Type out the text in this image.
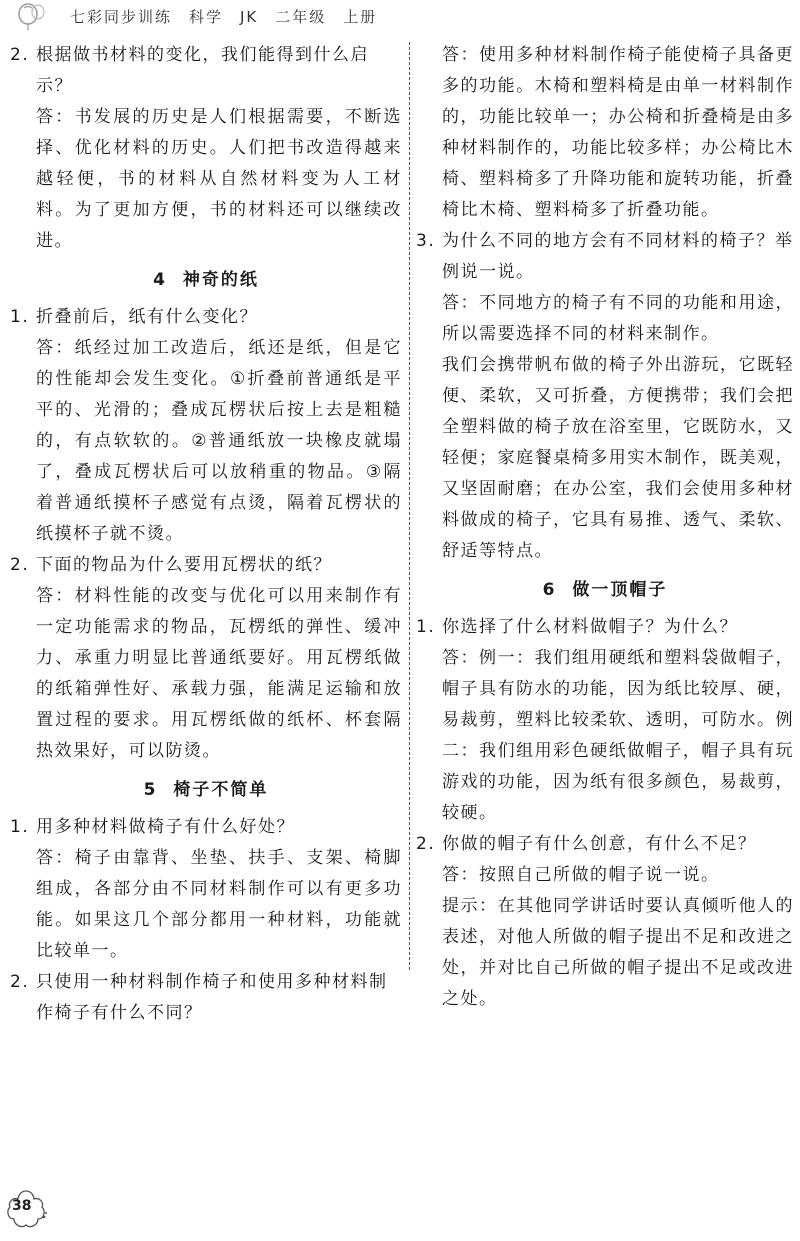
七彩同步训练　科学　JK　二年级　上册
2. 根据做书材料的变化，我们能得到什么启示？
答：书发展的历史是人们根据需要，不断选择、优化材料的历史。人们把书改造得越来越轻便，书的材料从自然材料变为人工材料。为了更加方便，书的材料还可以继续改进。
4 神奇的纸
1. 折叠前后，纸有什么变化？
答：纸经过加工改造后，纸还是纸，但是它的性能却会发生变化。①折叠前普通纸是平平的、光滑的；叠成瓦楞状后按上去是粗糙的，有点软软的。②普通纸放一块橡皮就塌了，叠成瓦楞状后可以放稍重的物品。③隔着普通纸摸杯子感觉有点烫，隔着瓦楞状的纸摸杯子就不烫。
2. 下面的物品为什么要用瓦楞状的纸？
答：材料性能的改变与优化可以用来制作有一定功能需求的物品，瓦楞纸的弹性、缓冲力、承重力明显比普通纸要好。用瓦楞纸做的纸箱弹性好、承载力强，能满足运输和放置过程的要求。用瓦楞纸做的纸杯、杯套隔热效果好，可以防烫。
5 椅子不简单
1. 用多种材料做椅子有什么好处？
答：椅子由靠背、坐垫、扶手、支架、椅脚组成，各部分由不同材料制作可以有更多功能。如果这几个部分都用一种材料，功能就比较单一。
2. 只使用一种材料制作椅子和使用多种材料制作椅子有什么不同？
答：使用多种材料制作椅子能使椅子具备更多的功能。木椅和塑料椅是由单一材料制作的，功能比较单一；办公椅和折叠椅是由多种材料制作的，功能比较多样；办公椅比木椅、塑料椅多了升降功能和旋转功能，折叠椅比木椅、塑料椅多了折叠功能。
3. 为什么不同的地方会有不同材料的椅子？举例说一说。
答：不同地方的椅子有不同的功能和用途，所以需要选择不同的材料来制作。
我们会携带帆布做的椅子外出游玩，它既轻便、柔软，又可折叠，方便携带；我们会把全塑料做的椅子放在浴室里，它既防水，又轻便；家庭餐桌椅多用实木制作，既美观，又坚固耐磨；在办公室，我们会使用多种材料做成的椅子，它具有易推、透气、柔软、舒适等特点。
6 做一顶帽子
1. 你选择了什么材料做帽子？为什么？
答：例一：我们组用硬纸和塑料袋做帽子，帽子具有防水的功能，因为纸比较厚、硬，易裁剪，塑料比较柔软、透明，可防水。例二：我们组用彩色硬纸做帽子，帽子具有玩游戏的功能，因为纸有很多颜色，易裁剪，较硬。
2. 你做的帽子有什么创意，有什么不足？
答：按照自己所做的帽子说一说。
提示：在其他同学讲话时要认真倾听他人的表述，对他人所做的帽子提出不足和改进之处，并对比自己所做的帽子提出不足或改进之处。
38
